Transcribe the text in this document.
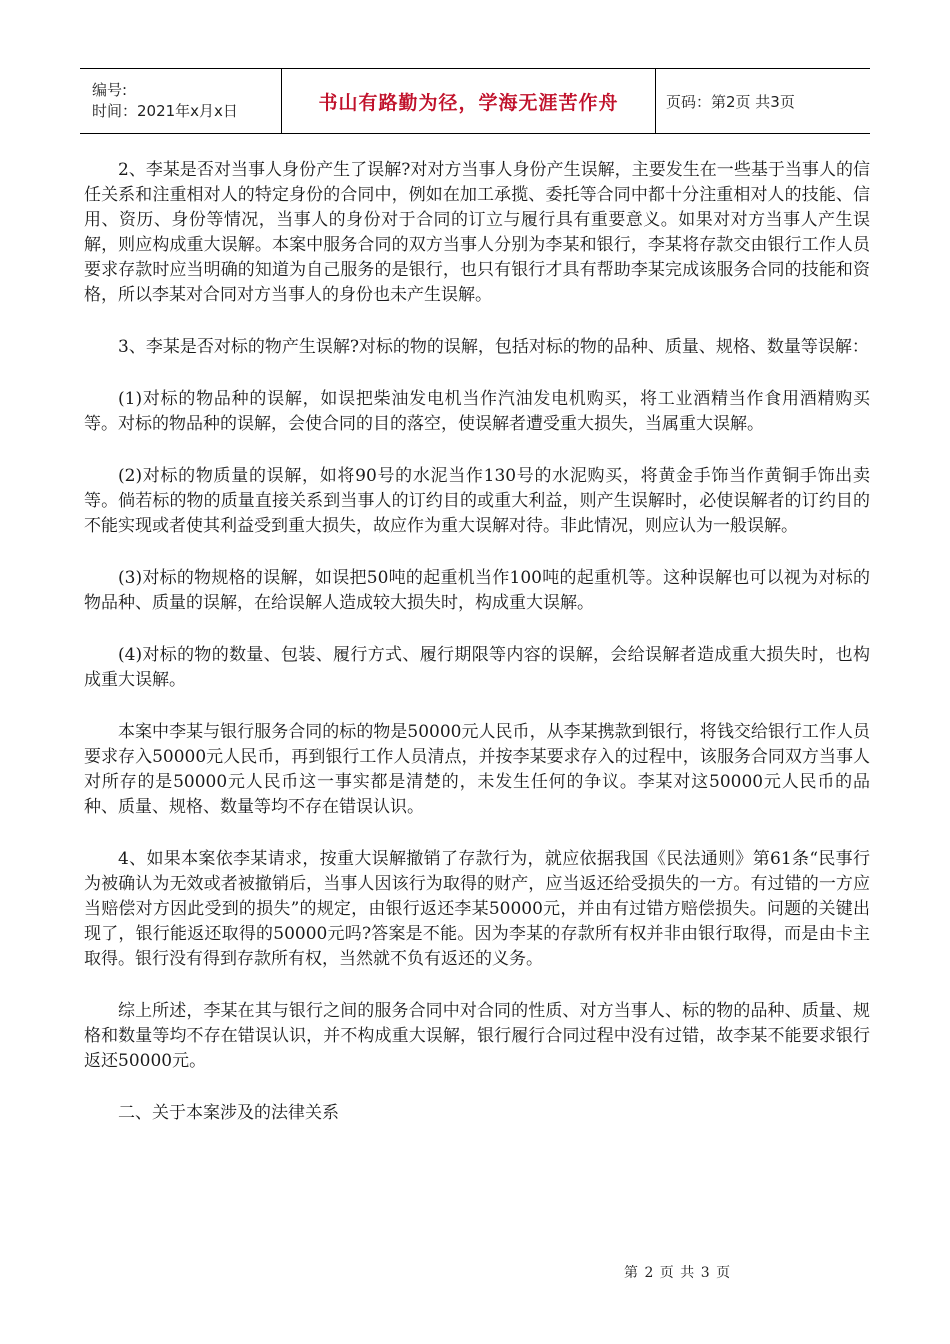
编号:
时间：2021年x月x日	书山有路勤为径，学海无涯苦作舟	页码：第2页 共3页

2、李某是否对当事人身份产生了误解?对对方当事人身份产生误解，主要发生在一些基于当事人的信任关系和注重相对人的特定身份的合同中，例如在加工承揽、委托等合同中都十分注重相对人的技能、信用、资历、身份等情况，当事人的身份对于合同的订立与履行具有重要意义。如果对对方当事人产生误解，则应构成重大误解。本案中服务合同的双方当事人分别为李某和银行，李某将存款交由银行工作人员要求存款时应当明确的知道为自己服务的是银行，也只有银行才具有帮助李某完成该服务合同的技能和资格，所以李某对合同对方当事人的身份也未产生误解。

3、李某是否对标的物产生误解?对标的物的误解，包括对标的物的品种、质量、规格、数量等误解：

(1)对标的物品种的误解，如误把柴油发电机当作汽油发电机购买，将工业酒精当作食用酒精购买等。对标的物品种的误解，会使合同的目的落空，使误解者遭受重大损失，当属重大误解。

(2)对标的物质量的误解，如将90号的水泥当作130号的水泥购买，将黄金手饰当作黄铜手饰出卖等。倘若标的物的质量直接关系到当事人的订约目的或重大利益，则产生误解时，必使误解者的订约目的不能实现或者使其利益受到重大损失，故应作为重大误解对待。非此情况，则应认为一般误解。

(3)对标的物规格的误解，如误把50吨的起重机当作100吨的起重机等。这种误解也可以视为对标的物品种、质量的误解，在给误解人造成较大损失时，构成重大误解。

(4)对标的物的数量、包装、履行方式、履行期限等内容的误解，会给误解者造成重大损失时，也构成重大误解。

本案中李某与银行服务合同的标的物是50000元人民币，从李某携款到银行，将钱交给银行工作人员要求存入50000元人民币，再到银行工作人员清点，并按李某要求存入的过程中，该服务合同双方当事人对所存的是50000元人民币这一事实都是清楚的，未发生任何的争议。李某对这50000元人民币的品种、质量、规格、数量等均不存在错误认识。

4、如果本案依李某请求，按重大误解撤销了存款行为，就应依据我国《民法通则》第61条“民事行为被确认为无效或者被撤销后，当事人因该行为取得的财产，应当返还给受损失的一方。有过错的一方应当赔偿对方因此受到的损失”的规定，由银行返还李某50000元，并由有过错方赔偿损失。问题的关键出现了，银行能返还取得的50000元吗?答案是不能。因为李某的存款所有权并非由银行取得，而是由卡主取得。银行没有得到存款所有权，当然就不负有返还的义务。

综上所述，李某在其与银行之间的服务合同中对合同的性质、对方当事人、标的物的品种、质量、规格和数量等均不存在错误认识，并不构成重大误解，银行履行合同过程中没有过错，故李某不能要求银行返还50000元。

二、关于本案涉及的法律关系

第 2 页 共 3 页
